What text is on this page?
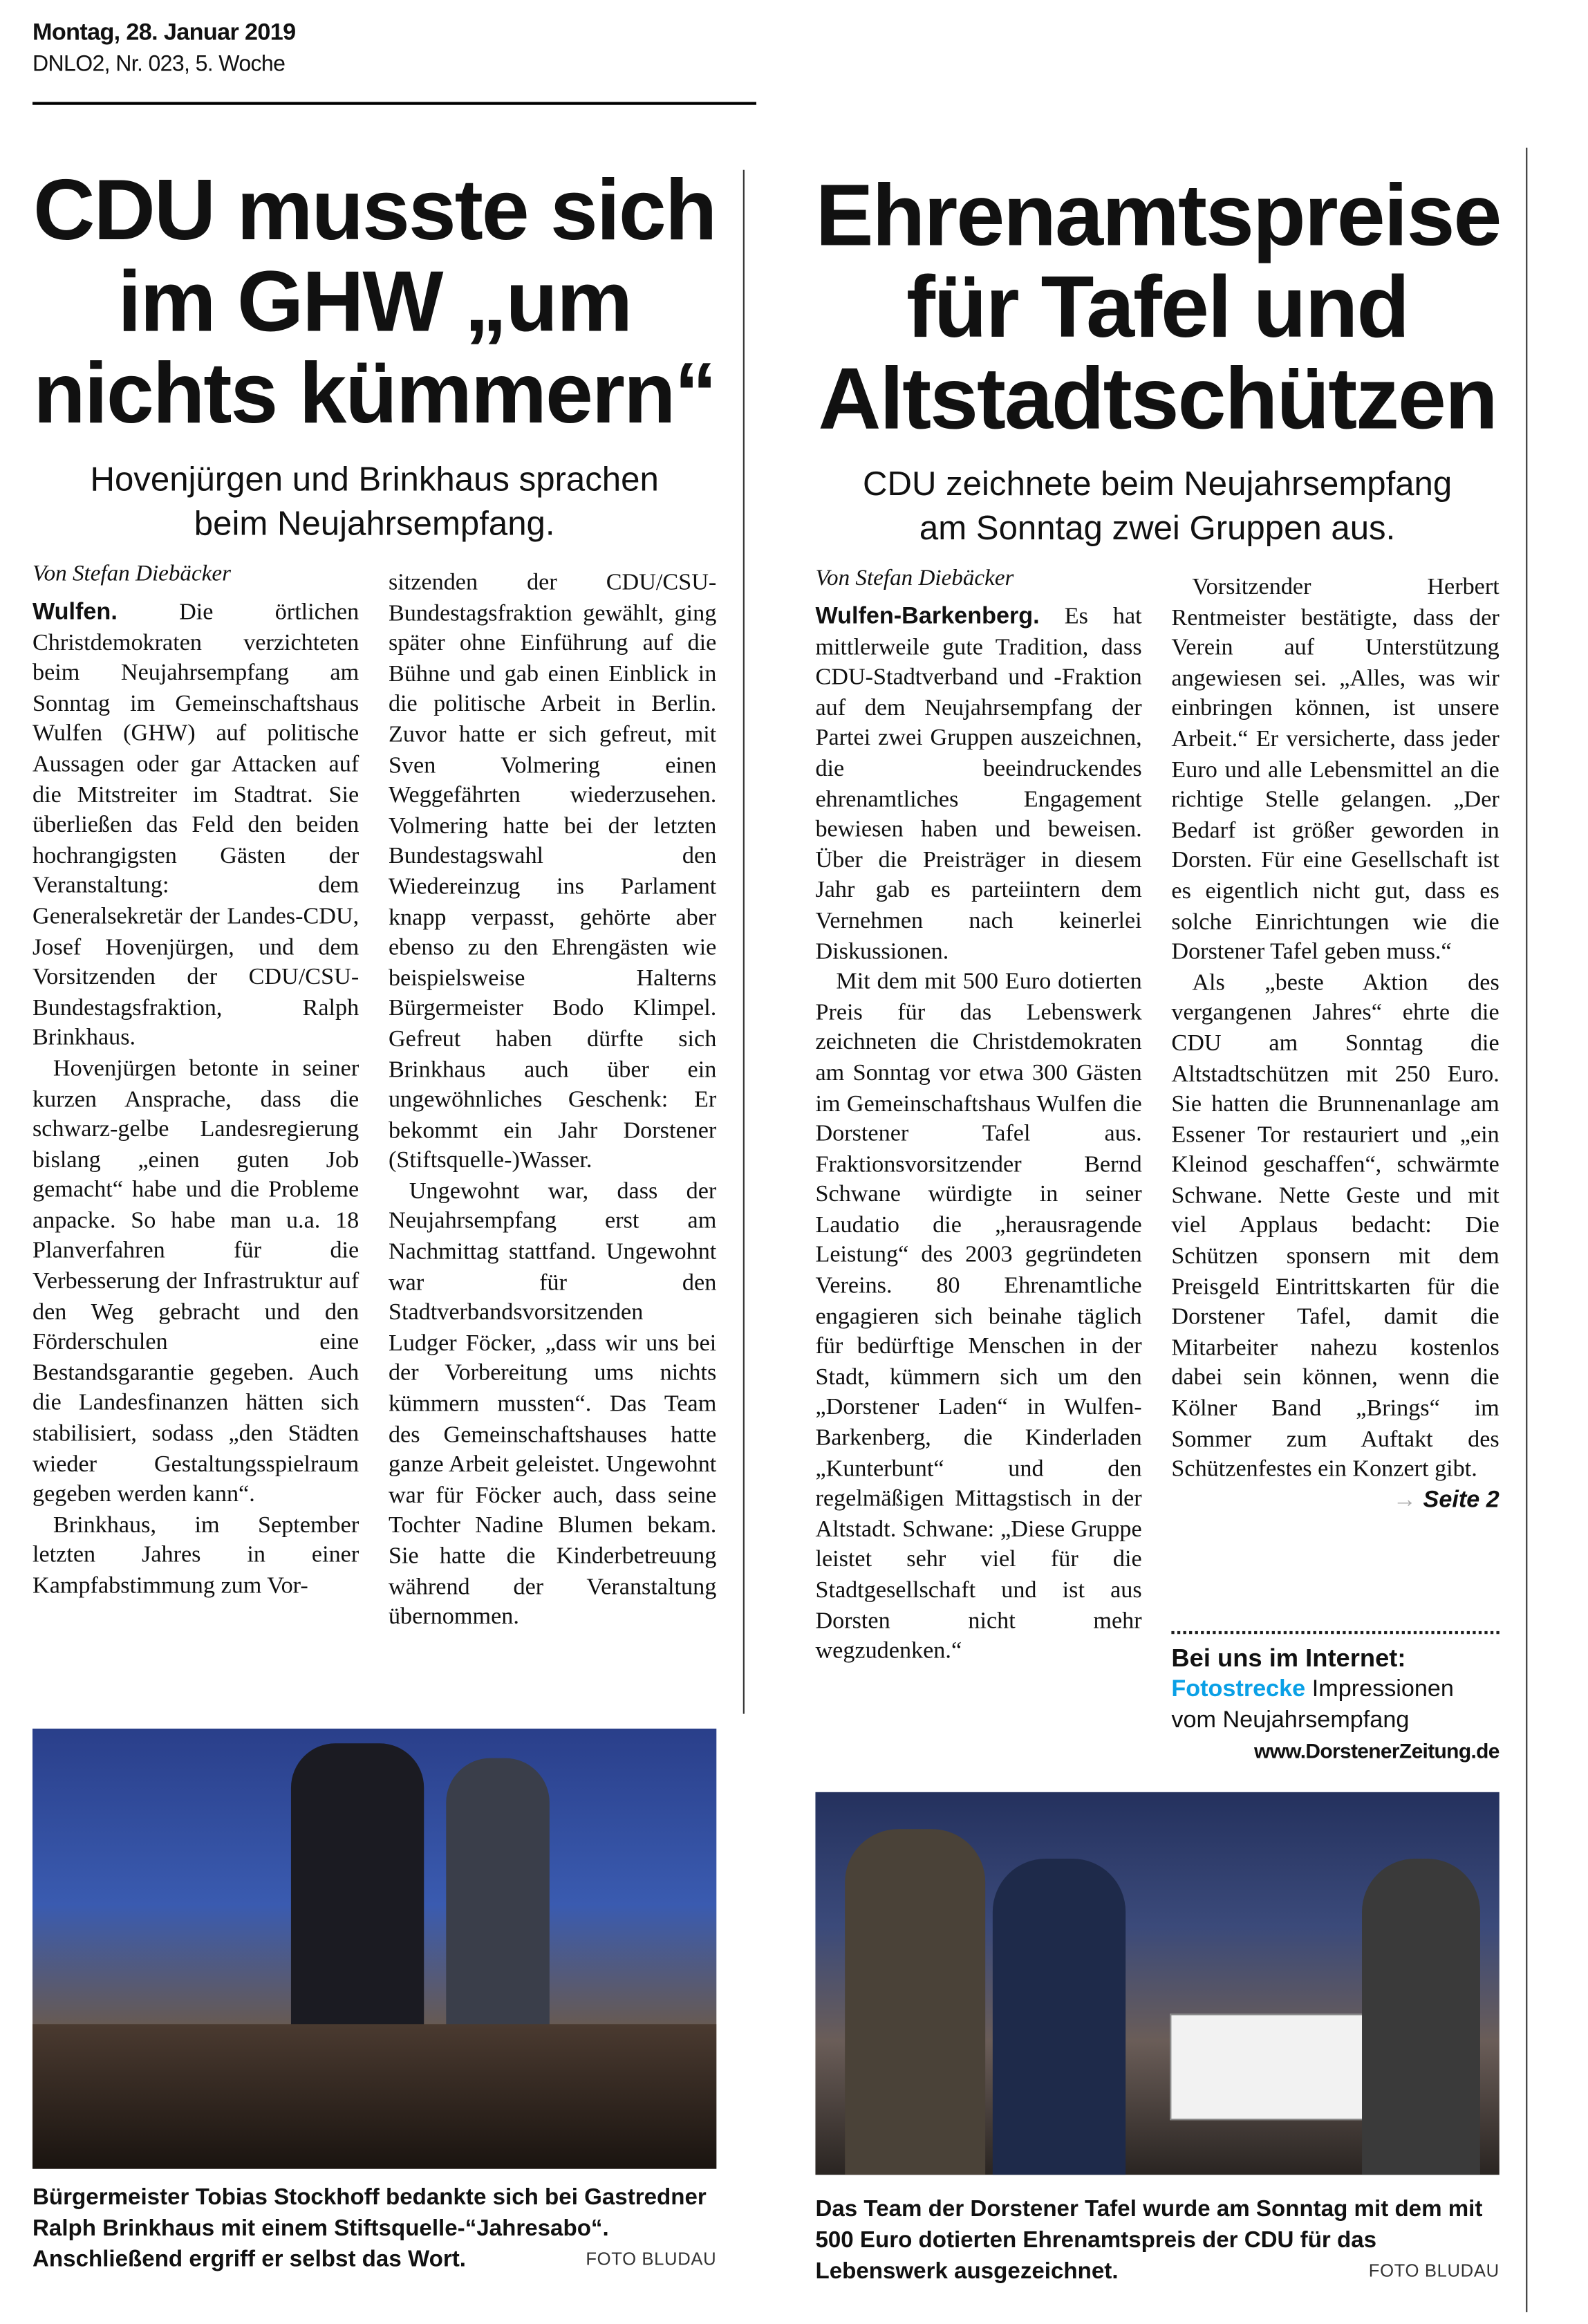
Montag, 28. Januar 2019
DNLO2, Nr. 023, 5. Woche
CDU musste sich
im GHW „um
nichts kümmern“
Hovenjürgen und Brinkhaus sprachen
beim Neujahrsempfang.
Von Stefan Diebäcker

Wulfen. Die örtlichen Christdemokraten verzichteten beim Neujahrsempfang am Sonntag im Gemeinschaftshaus Wulfen (GHW) auf politische Aussagen oder gar Attacken auf die Mitstreiter im Stadtrat. Sie überließen das Feld den beiden hochrangigsten Gästen der Veranstaltung: dem Generalsekretär der Landes-CDU, Josef Hovenjürgen, und dem Vorsitzenden der CDU/CSU-Bundestagsfraktion, Ralph Brinkhaus.

Hovenjürgen betonte in seiner kurzen Ansprache, dass die schwarz-gelbe Landesregierung bislang „einen guten Job gemacht“ habe und die Probleme anpacke. So habe man u.a. 18 Planverfahren für die Verbesserung der Infrastruktur auf den Weg gebracht und den Förderschulen eine Bestandsgarantie gegeben. Auch die Landesfinanzen hätten sich stabilisiert, sodass „den Städten wieder Gestaltungsspielraum gegeben werden kann“.

Brinkhaus, im September letzten Jahres in einer Kampfabstimmung zum Vor-

sitzenden der CDU/CSU-Bundestagsfraktion gewählt, ging später ohne Einführung auf die Bühne und gab einen Einblick in die politische Arbeit in Berlin. Zuvor hatte er sich gefreut, mit Sven Volmering einen Weggefährten wiederzusehen. Volmering hatte bei der letzten Bundestagswahl den Wiedereinzug ins Parlament knapp verpasst, gehörte aber ebenso zu den Ehrengästen wie beispielsweise Halterns Bürgermeister Bodo Klimpel. Gefreut haben dürfte sich Brinkhaus auch über ein ungewöhnliches Geschenk: Er bekommt ein Jahr Dorstener (Stiftsquelle-)Wasser.

Ungewohnt war, dass der Neujahrsempfang erst am Nachmittag stattfand. Ungewohnt war für den Stadtverbandsvorsitzenden Ludger Föcker, „dass wir uns bei der Vorbereitung ums nichts kümmern mussten“. Das Team des Gemeinschaftshauses hatte ganze Arbeit geleistet. Ungewohnt war für Föcker auch, dass seine Tochter Nadine Blumen bekam. Sie hatte die Kinderbetreuung während der Veranstaltung übernommen.

Bürgermeister Tobias Stockhoff bedankte sich bei Gastredner Ralph Brinkhaus mit einem Stiftsquelle-“Jahresabo“. Anschließend ergriff er selbst das Wort.	FOTO BLUDAU
Ehrenamtspreise
für Tafel und
Altstadtschützen
CDU zeichnete beim Neujahrsempfang
am Sonntag zwei Gruppen aus.
Von Stefan Diebäcker

Wulfen-Barkenberg. Es hat mittlerweile gute Tradition, dass CDU-Stadtverband und -Fraktion auf dem Neujahrsempfang der Partei zwei Gruppen auszeichnen, die beeindruckendes ehrenamtliches Engagement bewiesen haben und beweisen. Über die Preisträger in diesem Jahr gab es parteiintern dem Vernehmen nach keinerlei Diskussionen.

Mit dem mit 500 Euro dotierten Preis für das Lebenswerk zeichneten die Christdemokraten am Sonntag vor etwa 300 Gästen im Gemeinschaftshaus Wulfen die Dorstener Tafel aus. Fraktionsvorsitzender Bernd Schwane würdigte in seiner Laudatio die „herausragende Leistung“ des 2003 gegründeten Vereins. 80 Ehrenamtliche engagieren sich beinahe täglich für bedürftige Menschen in der Stadt, kümmern sich um den „Dorstener Laden“ in Wulfen-Barkenberg, die Kinderladen „Kunterbunt“ und den regelmäßigen Mittagstisch in der Altstadt. Schwane: „Diese Gruppe leistet sehr viel für die Stadtgesellschaft und ist aus Dorsten nicht mehr wegzudenken.“

Vorsitzender Herbert Rentmeister bestätigte, dass der Verein auf Unterstützung angewiesen sei. „Alles, was wir einbringen können, ist unsere Arbeit.“ Er versicherte, dass jeder Euro und alle Lebensmittel an die richtige Stelle gelangen. „Der Bedarf ist größer geworden in Dorsten. Für eine Gesellschaft ist es eigentlich nicht gut, dass es solche Einrichtungen wie die Dorstener Tafel geben muss.“

Als „beste Aktion des vergangenen Jahres“ ehrte die CDU am Sonntag die Altstadtschützen mit 250 Euro. Sie hatten die Brunnenanlage am Essener Tor restauriert und „ein Kleinod geschaffen“, schwärmte Schwane. Nette Geste und mit viel Applaus bedacht: Die Schützen sponsern mit dem Preisgeld Eintrittskarten für die Dorstener Tafel, damit die Mitarbeiter nahezu kostenlos dabei sein können, wenn die Kölner Band „Brings“ im Sommer zum Auftakt des Schützenfestes ein Konzert gibt.

→ Seite 2
Bei uns im Internet:
Fotostrecke Impressionen vom Neujahrsempfang
www.DorstenerZeitung.de
Das Team der Dorstener Tafel wurde am Sonntag mit dem mit 500 Euro dotierten Ehrenamtspreis der CDU für das Lebenswerk ausgezeichnet.	FOTO BLUDAU
